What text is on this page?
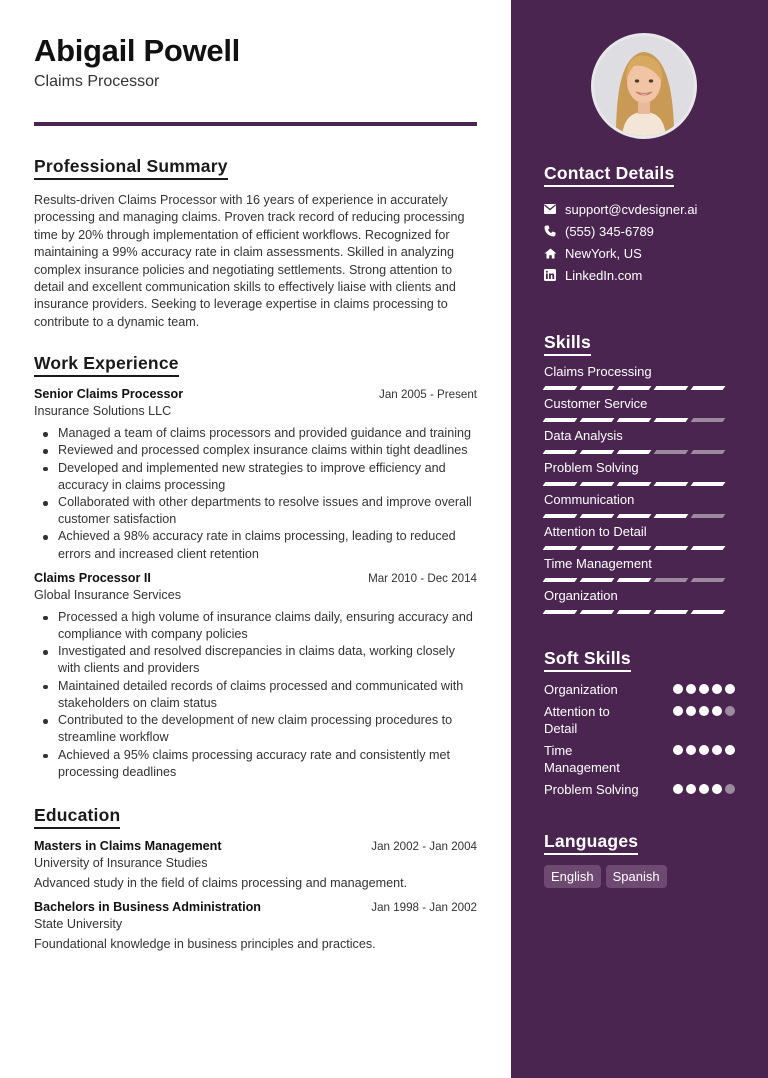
Abigail Powell
Claims Processor
Professional Summary

Results-driven Claims Processor with 16 years of experience in accurately processing and managing claims. Proven track record of reducing processing time by 20% through implementation of efficient workflows. Recognized for maintaining a 99% accuracy rate in claim assessments. Skilled in analyzing complex insurance policies and negotiating settlements. Strong attention to detail and excellent communication skills to effectively liaise with clients and insurance providers. Seeking to leverage expertise in claims processing to contribute to a dynamic team.

Work Experience
Senior Claims Processor	Jan 2005 - Present
Insurance Solutions LLC
Managed a team of claims processors and provided guidance and training
Reviewed and processed complex insurance claims within tight deadlines
Developed and implemented new strategies to improve efficiency and accuracy in claims processing
Collaborated with other departments to resolve issues and improve overall customer satisfaction
Achieved a 98% accuracy rate in claims processing, leading to reduced errors and increased client retention
Claims Processor II	Mar 2010 - Dec 2014
Global Insurance Services
Processed a high volume of insurance claims daily, ensuring accuracy and compliance with company policies
Investigated and resolved discrepancies in claims data, working closely with clients and providers
Maintained detailed records of claims processed and communicated with stakeholders on claim status
Contributed to the development of new claim processing procedures to streamline workflow
Achieved a 95% claims processing accuracy rate and consistently met processing deadlines
Education
Masters in Claims Management	Jan 2002 - Jan 2004
University of Insurance Studies
Advanced study in the field of claims processing and management.
Bachelors in Business Administration	Jan 1998 - Jan 2002
State University
Foundational knowledge in business principles and practices.
Contact Details
support@cvdesigner.ai
(555) 345-6789
NewYork, US
LinkedIn.com
Skills
Claims Processing
Customer Service
Data Analysis
Problem Solving
Communication
Attention to Detail
Time Management
Organization
Soft Skills
Organization
Attention to Detail
Time Management
Problem Solving
Languages
English	Spanish
